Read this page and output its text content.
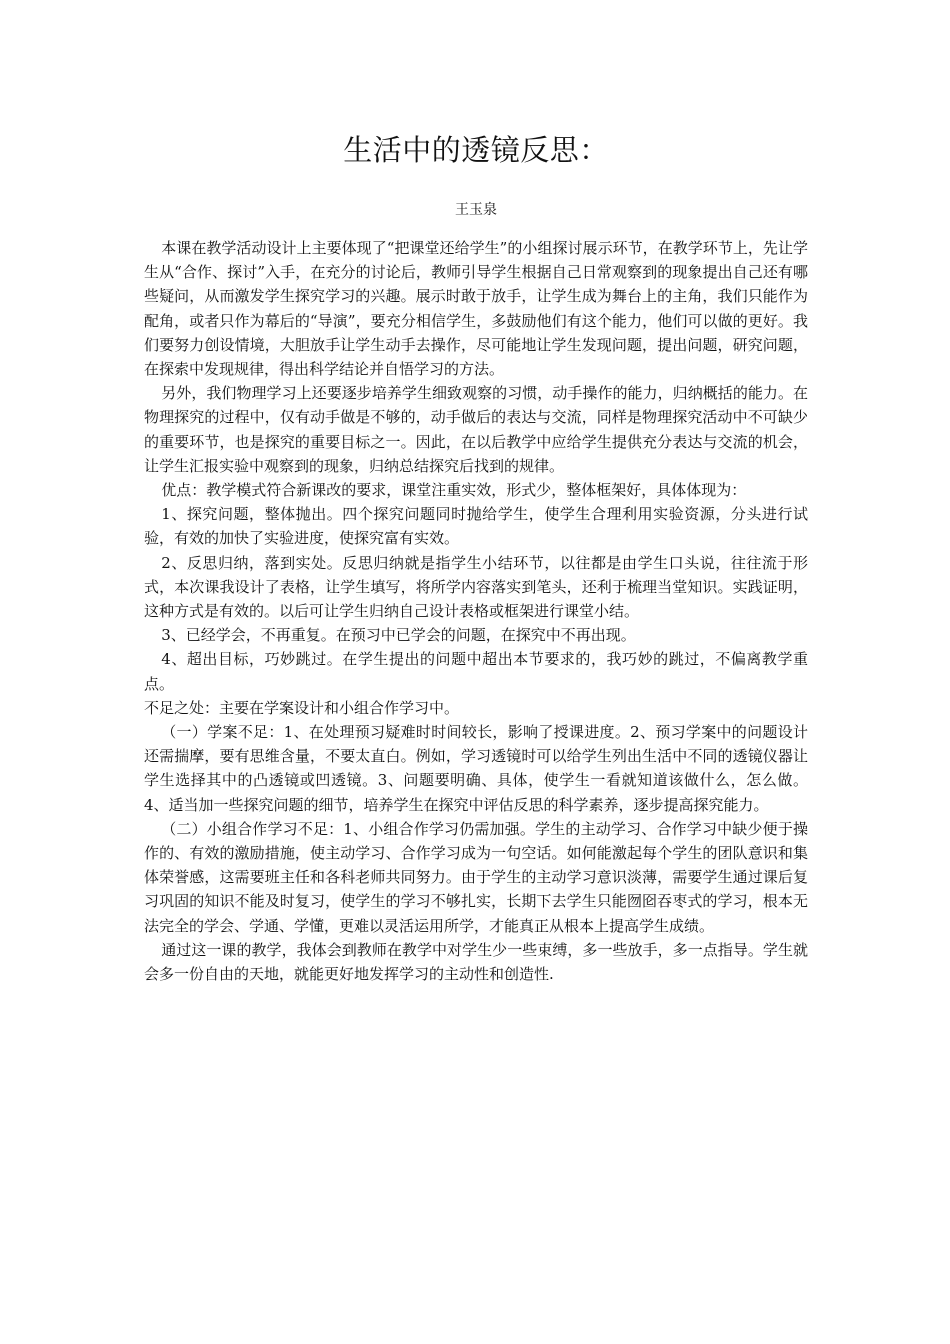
生活中的透镜反思：
王玉泉

本课在教学活动设计上主要体现了“把课堂还给学生”的小组探讨展示环节，在教学环节上，先让学生从“合作、探讨”入手，在充分的讨论后，教师引导学生根据自己日常观察到的现象提出自己还有哪些疑问，从而激发学生探究学习的兴趣。展示时敢于放手，让学生成为舞台上的主角，我们只能作为配角，或者只作为幕后的“导演”，要充分相信学生，多鼓励他们有这个能力，他们可以做的更好。我们要努力创设情境，大胆放手让学生动手去操作，尽可能地让学生发现问题，提出问题，研究问题，在探索中发现规律，得出科学结论并自悟学习的方法。

另外，我们物理学习上还要逐步培养学生细致观察的习惯，动手操作的能力，归纳概括的能力。在物理探究的过程中，仅有动手做是不够的，动手做后的表达与交流，同样是物理探究活动中不可缺少的重要环节，也是探究的重要目标之一。因此，在以后教学中应给学生提供充分表达与交流的机会，让学生汇报实验中观察到的现象，归纳总结探究后找到的规律。

优点：教学模式符合新课改的要求，课堂注重实效，形式少，整体框架好，具体体现为：

1、探究问题，整体抛出。四个探究问题同时抛给学生，使学生合理利用实验资源，分头进行试验，有效的加快了实验进度，使探究富有实效。

2、反思归纳，落到实处。反思归纳就是指学生小结环节，以往都是由学生口头说，往往流于形式，本次课我设计了表格，让学生填写，将所学内容落实到笔头，还利于梳理当堂知识。实践证明，这种方式是有效的。以后可让学生归纳自己设计表格或框架进行课堂小结。

3、已经学会，不再重复。在预习中已学会的问题，在探究中不再出现。

4、超出目标，巧妙跳过。在学生提出的问题中超出本节要求的，我巧妙的跳过，不偏离教学重点。

不足之处：主要在学案设计和小组合作学习中。

（一）学案不足：1、在处理预习疑难时时间较长，影响了授课进度。2、预习学案中的问题设计还需揣摩，要有思维含量，不要太直白。例如，学习透镜时可以给学生列出生活中不同的透镜仪器让学生选择其中的凸透镜或凹透镜。3、问题要明确、具体，使学生一看就知道该做什么，怎么做。4、适当加一些探究问题的细节，培养学生在探究中评估反思的科学素养，逐步提高探究能力。

（二）小组合作学习不足：1、小组合作学习仍需加强。学生的主动学习、合作学习中缺少便于操作的、有效的激励措施，使主动学习、合作学习成为一句空话。如何能激起每个学生的团队意识和集体荣誉感，这需要班主任和各科老师共同努力。由于学生的主动学习意识淡薄，需要学生通过课后复习巩固的知识不能及时复习，使学生的学习不够扎实，长期下去学生只能囫囵吞枣式的学习，根本无法完全的学会、学通、学懂，更难以灵活运用所学，才能真正从根本上提高学生成绩。

通过这一课的教学，我体会到教师在教学中对学生少一些束缚，多一些放手，多一点指导。学生就会多一份自由的天地，就能更好地发挥学习的主动性和创造性.
